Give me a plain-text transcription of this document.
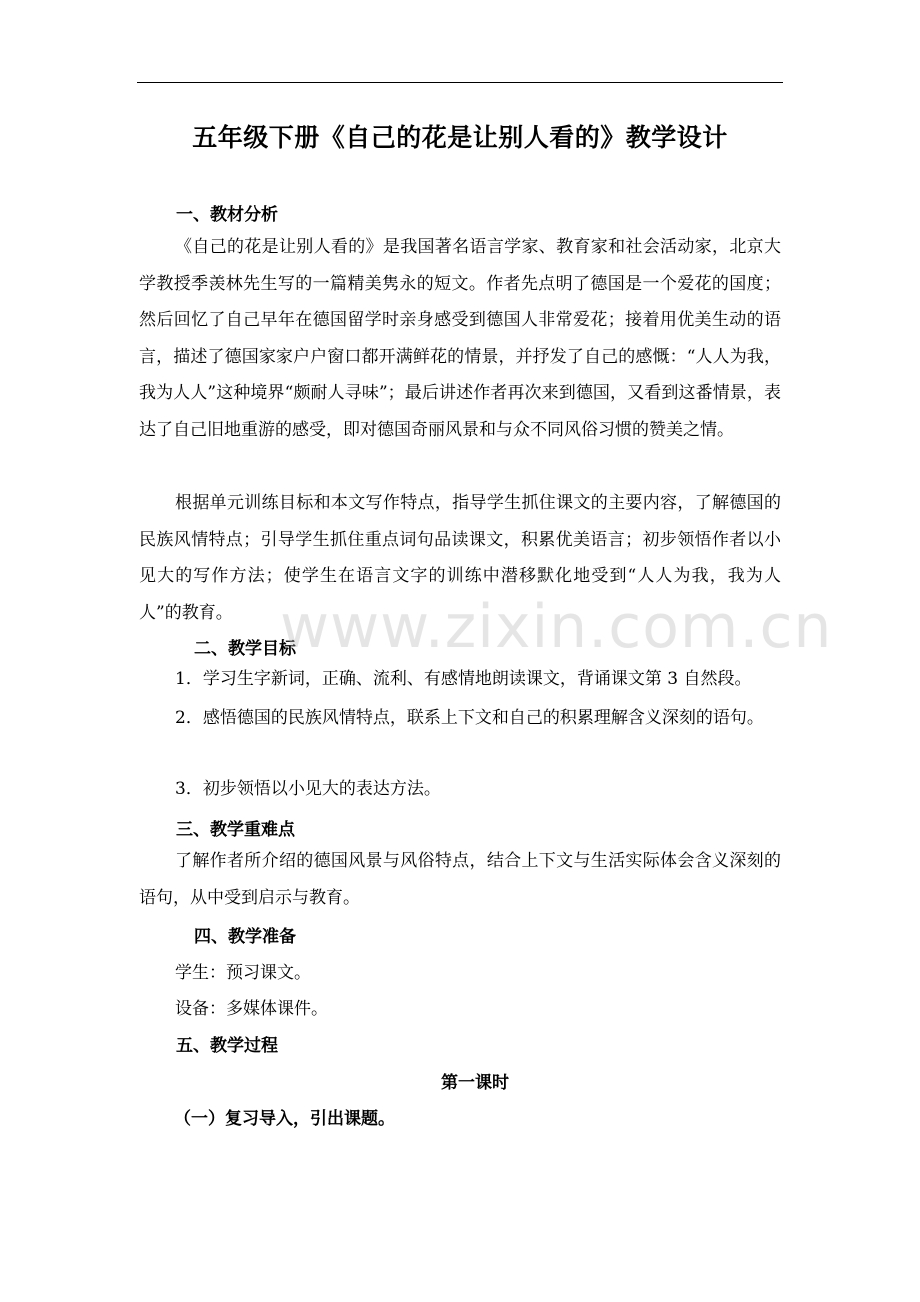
五年级下册《自己的花是让别人看的》教学设计
一、教材分析
《自己的花是让别人看的》是我国著名语言学家、教育家和社会活动家，北京大学教授季羡林先生写的一篇精美隽永的短文。作者先点明了德国是一个爱花的国度；然后回忆了自己早年在德国留学时亲身感受到德国人非常爱花；接着用优美生动的语言，描述了德国家家户户窗口都开满鲜花的情景，并抒发了自己的感慨：“人人为我，我为人人”这种境界“颇耐人寻味”；最后讲述作者再次来到德国，又看到这番情景，表达了自己旧地重游的感受，即对德国奇丽风景和与众不同风俗习惯的赞美之情。
根据单元训练目标和本文写作特点，指导学生抓住课文的主要内容，了解德国的民族风情特点；引导学生抓住重点词句品读课文，积累优美语言；初步领悟作者以小见大的写作方法；使学生在语言文字的训练中潜移默化地受到“人人为我，我为人人”的教育。
二、教学目标
1．学习生字新词，正确、流利、有感情地朗读课文，背诵课文第 3 自然段。
2．感悟德国的民族风情特点，联系上下文和自己的积累理解含义深刻的语句。
3．初步领悟以小见大的表达方法。
三、教学重难点
了解作者所介绍的德国风景与风俗特点，结合上下文与生活实际体会含义深刻的语句，从中受到启示与教育。
四、教学准备
学生：预习课文。
设备：多媒体课件。
五、教学过程
第一课时
（一）复习导入，引出课题。
www.zixin.com.cn
